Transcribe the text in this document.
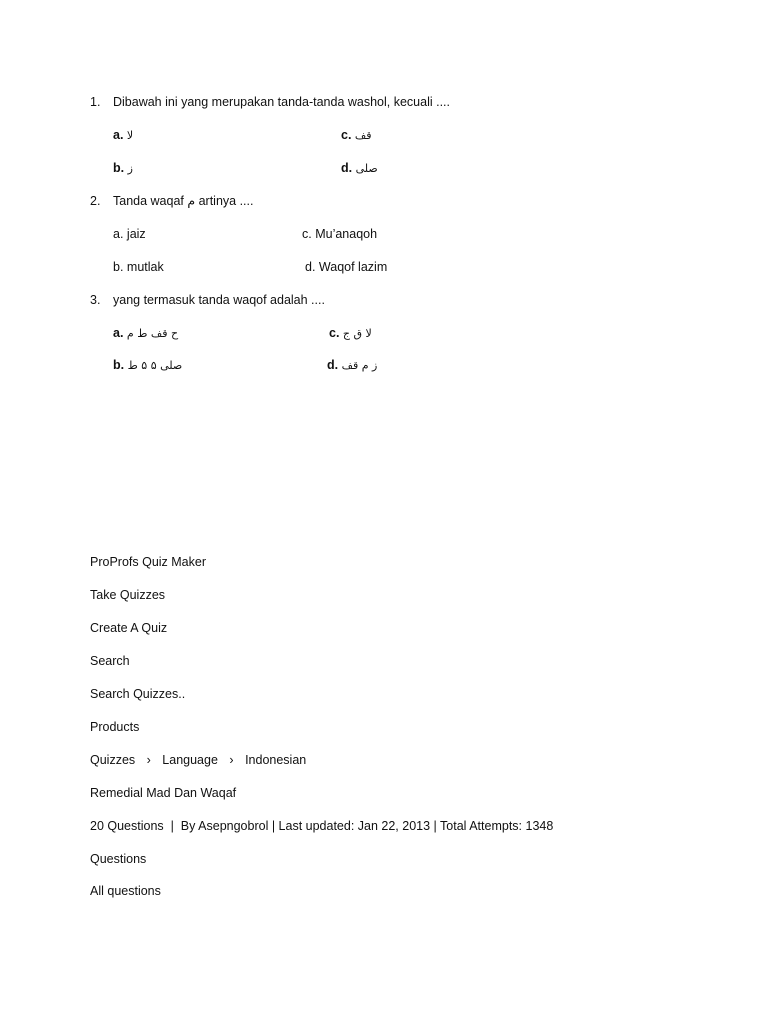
1. Dibawah ini yang merupakan tanda-tanda washol, kecuali ....
a. لا	c. قف
b. ز	d. صلى
2. Tanda waqaf م artinya ....
a. jaiz	c. Mu’anaqoh
b. mutlak	d. Waqof lazim
3. yang termasuk tanda waqof adalah ....
a. ح قف ط م	c. لا ق ج
b. صلى ۵ ۵ ط	d. ز م قف
ProProfs Quiz Maker
Take Quizzes
Create A Quiz
Search
Search Quizzes..
Products
Quizzes › Language › Indonesian
Remedial Mad Dan Waqaf
20 Questions  |  By Asepngobrol | Last updated: Jan 22, 2013 | Total Attempts: 1348
Questions
All questions
